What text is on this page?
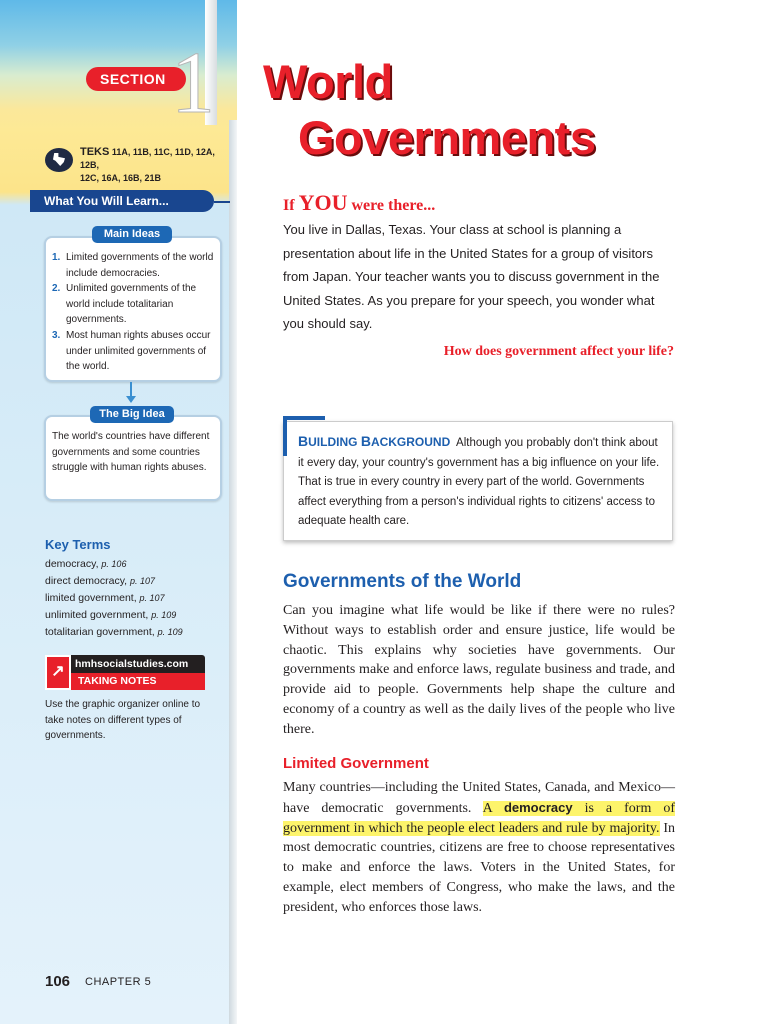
SECTION 1
TEKS 11A, 11B, 11C, 11D, 12A, 12B,
12C, 16A, 16B, 21B
What You Will Learn...
1. Limited governments of the world include democracies.
2. Unlimited governments of the world include totalitarian governments.
3. Most human rights abuses occur under unlimited governments of the world.
Main Ideas
The world's countries have different governments and some countries struggle with human rights abuses.
The Big Idea
Key Terms
democracy, p. 106
direct democracy, p. 107
limited government, p. 107
unlimited government, p. 109
totalitarian government, p. 109
hmhsocialstudies.com
TAKING NOTES
↗
Use the graphic organizer online to take notes on different types of governments.
106 CHAPTER 5
World
Governments
If YOU were there...
You live in Dallas, Texas. Your class at school is planning a presentation about life in the United States for a group of visitors from Japan. Your teacher wants you to discuss government in the United States. As you prepare for your speech, you wonder what you should say.
How does government affect your life?
BUILDING BACKGROUND Although you probably don't think about it every day, your country's government has a big influence on your life. That is true in every country in every part of the world. Governments affect everything from a person's individual rights to citizens' access to adequate health care.
Governments of the World
Can you imagine what life would be like if there were no rules? Without ways to establish order and ensure justice, life would be chaotic. This explains why societies have governments. Our governments make and enforce laws, regulate business and trade, and provide aid to people. Governments help shape the culture and economy of a country as well as the daily lives of the people who live there.
Limited Government
Many countries—including the United States, Canada, and Mexico—have democratic governments. A democracy is a form of government in which the people elect leaders and rule by majority. In most democratic countries, citizens are free to choose representatives to make and enforce the laws. Voters in the United States, for example, elect members of Congress, who make the laws, and the president, who enforces those laws.
